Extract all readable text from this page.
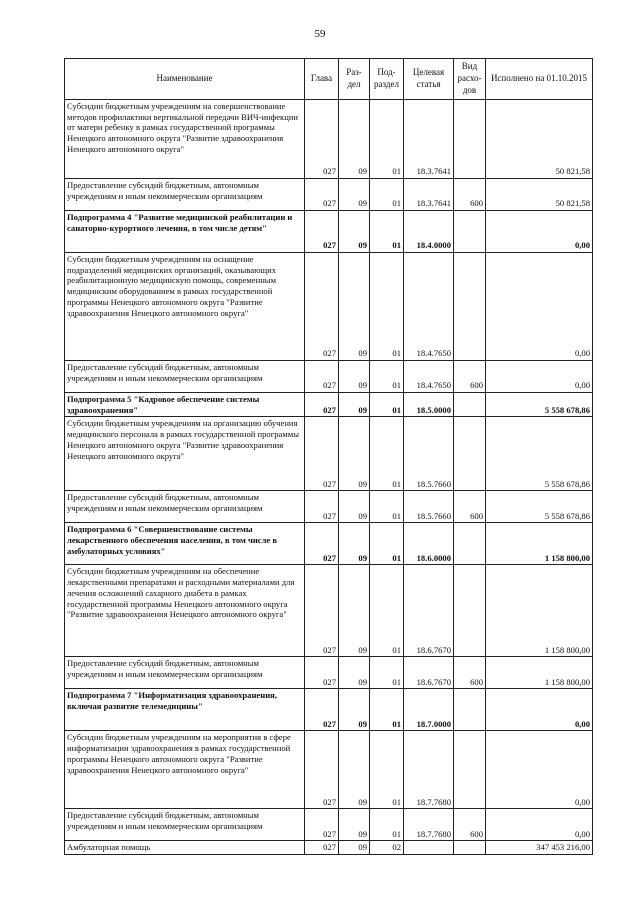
59
Наименование	Глава	Раз-дел	Под-раздел	Целевая статья	Вид расхо-дов	Исполнено на 01.10.2015
Субсидии бюджетным учреждениям на совершенствование методов профилактики вертикальной передачи ВИЧ-инфекции от матери ребенку в рамках государственной программы Ненецкого автономного округа "Развитие здравоохранения Ненецкого автономного округа"	027	09	01	18.3.7641		50 821,58
Предоставление субсидий бюджетным, автономным учреждениям и иным некоммерческим организациям	027	09	01	18.3.7641	600	50 821,58
Подпрограмма 4 "Развитие медицинской реабилитации и санаторно-курортного лечения, в том числе детям"	027	09	01	18.4.0000		0,00
Субсидии бюджетным учреждениям на оснащение подразделений медицинских организаций, оказывающих реабилитационную медицинскую помощь, современным медицинским оборудованием в рамках государственной программы Ненецкого автономного округа "Развитие здравоохранения Ненецкого автономного округа"	027	09	01	18.4.7650		0,00
Предоставление субсидий бюджетным, автономным учреждениям и иным некоммерческим организациям	027	09	01	18.4.7650	600	0,00
Подпрограмма 5 "Кадровое обеспечение системы здравоохранения"	027	09	01	18.5.0000		5 558 678,86
Субсидии бюджетным учреждениям на организацию обучения медицинского персонала в рамках государственной программы Ненецкого автономного округа "Развитие здравоохранения Ненецкого автономного округа"	027	09	01	18.5.7660		5 558 678,86
Предоставление субсидий бюджетным, автономным учреждениям и иным некоммерческим организациям	027	09	01	18.5.7660	600	5 558 678,86
Подпрограмма 6 "Совершенствование системы лекарственного обеспечения населения, в том числе в амбулаторных условиях"	027	09	01	18.6.0000		1 158 800,00
Субсидии бюджетным учреждениям на обеспечение лекарственными препаратами и расходными материалами для лечения осложнений сахарного диабета в рамках государственной программы Ненецкого автономного округа "Развитие здравоохранения Ненецкого автономного округа"	027	09	01	18.6.7670		1 158 800,00
Предоставление субсидий бюджетным, автономным учреждениям и иным некоммерческим организациям	027	09	01	18.6.7670	600	1 158 800,00
Подпрограмма 7 "Информатизация здравоохранения, включая развитие телемедицины"	027	09	01	18.7.0000		0,00
Субсидии бюджетным учреждениям на мероприятия в сфере информатизации здравоохранения в рамках государственной программы Ненецкого автономного округа "Развитие здравоохранения Ненецкого автономного округа"	027	09	01	18.7.7680		0,00
Предоставление субсидий бюджетным, автономным учреждениям и иным некоммерческим организациям	027	09	01	18.7.7680	600	0,00
Амбулаторная помощь	027	09	02			347 453 216,00
